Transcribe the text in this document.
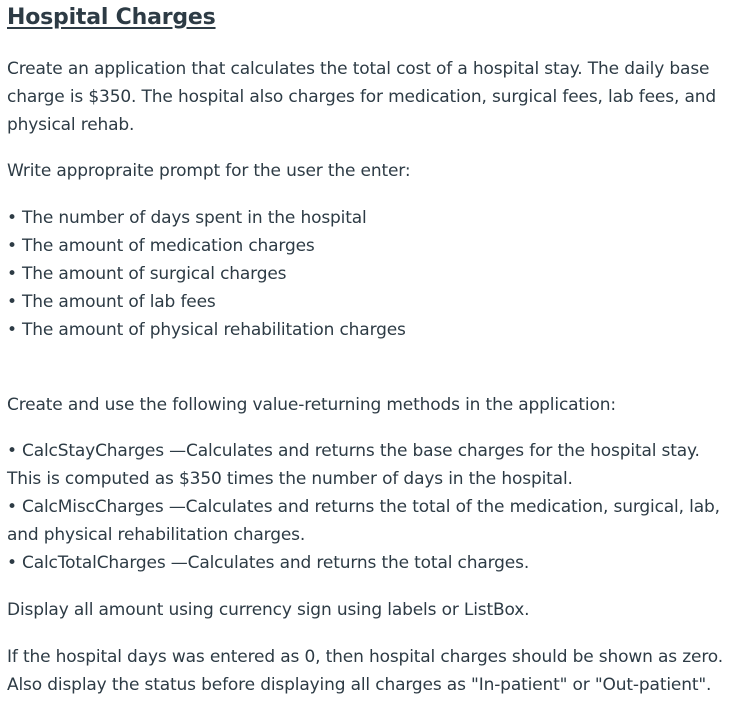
Hospital Charges

Create an application that calculates the total cost of a hospital stay. The daily base charge is $350. The hospital also charges for medication, surgical fees, lab fees, and physical rehab.

Write appropraite prompt for the user the enter:

• The number of days spent in the hospital
• The amount of medication charges
• The amount of surgical charges
• The amount of lab fees
• The amount of physical rehabilitation charges

Create and use the following value-returning methods in the application:

• CalcStayCharges —Calculates and returns the base charges for the hospital stay. This is computed as $350 times the number of days in the hospital.
• CalcMiscCharges —Calculates and returns the total of the medication, surgical, lab, and physical rehabilitation charges.
• CalcTotalCharges —Calculates and returns the total charges.

Display all amount using currency sign using labels or ListBox.

If the hospital days was entered as 0, then hospital charges should be shown as zero. Also display the status before displaying all charges as "In-patient" or "Out-patient".
